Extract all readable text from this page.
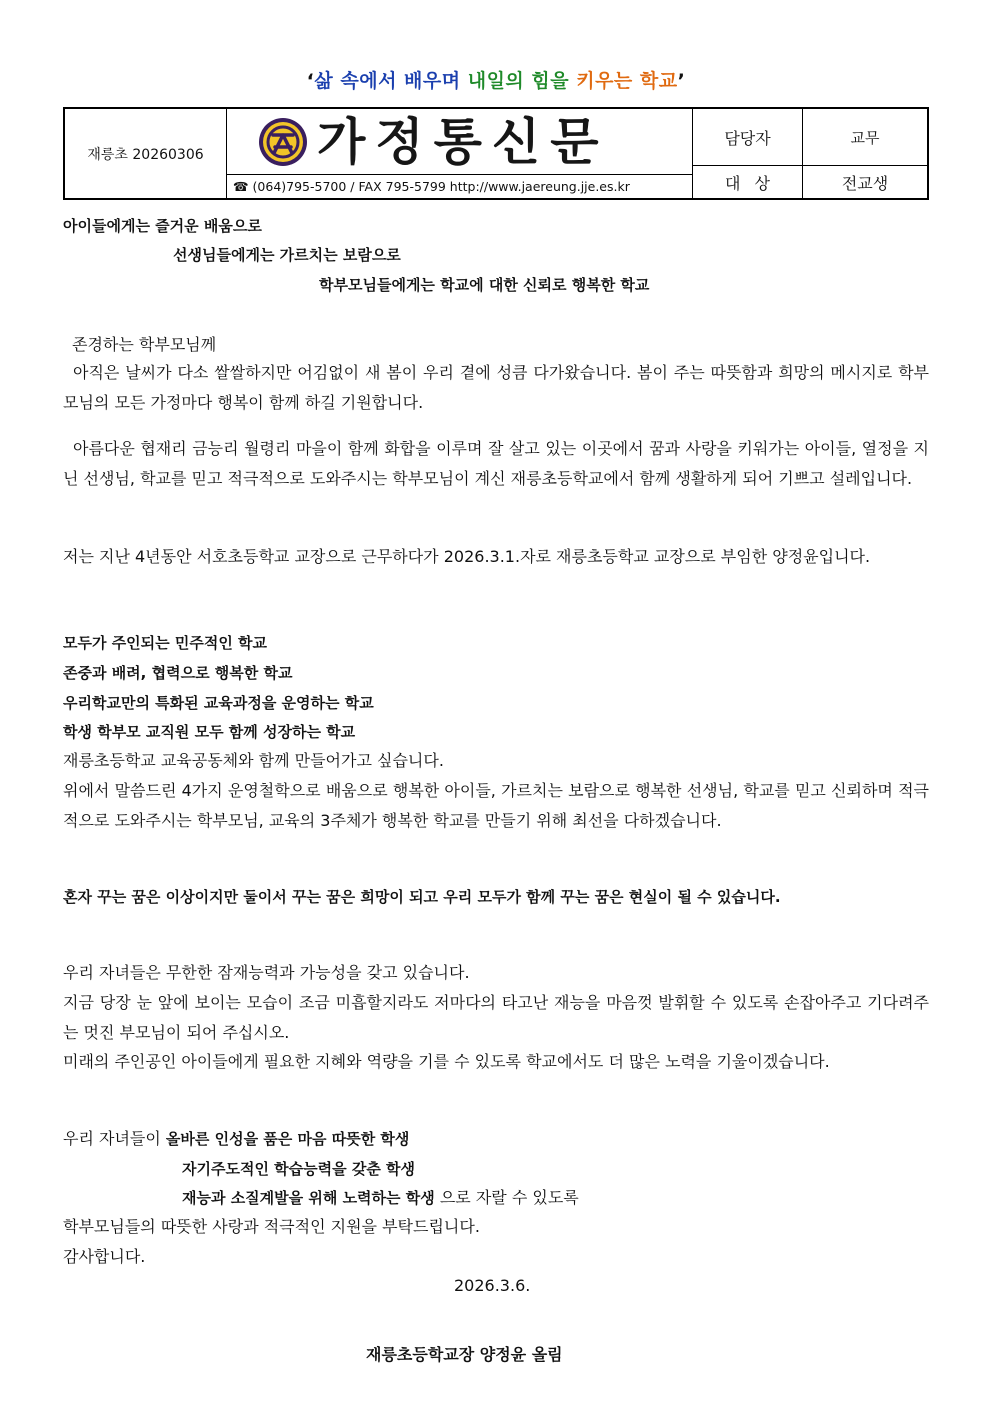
‘삶 속에서 배우며 내일의 힘을 키우는 학교’
재릉초 20260306	가정통신문
☎ (064)795-5700 / FAX 795-5799 http://www.jaereung.jje.es.kr
담당자	교무
대상	전교생
아이들에게는 즐거운 배움으로
선생님들에게는 가르치는 보람으로
학부모님들에게는 학교에 대한 신뢰로 행복한 학교
존경하는 학부모님께

아직은 날씨가 다소 쌀쌀하지만 어김없이 새 봄이 우리 곁에 성큼 다가왔습니다. 봄이 주는 따뜻함과 희망의 메시지로 학부모님의 모든 가정마다 행복이 함께 하길 기원합니다.

아름다운 협재리 금능리 월령리 마을이 함께 화합을 이루며 잘 살고 있는 이곳에서 꿈과 사랑을 키워가는 아이들, 열정을 지닌 선생님, 학교를 믿고 적극적으로 도와주시는 학부모님이 계신 재릉초등학교에서 함께 생활하게 되어 기쁘고 설레입니다.

저는 지난 4년동안 서호초등학교 교장으로 근무하다가 2026.3.1.자로 재릉초등학교 교장으로 부임한 양정윤입니다.

모두가 주인되는 민주적인 학교
존중과 배려, 협력으로 행복한 학교
우리학교만의 특화된 교육과정을 운영하는 학교
학생 학부모 교직원 모두 함께 성장하는 학교
재릉초등학교 교육공동체와 함께 만들어가고 싶습니다.

위에서 말씀드린 4가지 운영철학으로 배움으로 행복한 아이들, 가르치는 보람으로 행복한 선생님, 학교를 믿고 신뢰하며 적극적으로 도와주시는 학부모님, 교육의 3주체가 행복한 학교를 만들기 위해 최선을 다하겠습니다.

혼자 꾸는 꿈은 이상이지만 둘이서 꾸는 꿈은 희망이 되고 우리 모두가 함께 꾸는 꿈은 현실이 될 수 있습니다.

우리 자녀들은 무한한 잠재능력과 가능성을 갖고 있습니다.

지금 당장 눈 앞에 보이는 모습이 조금 미흡할지라도 저마다의 타고난 재능을 마음껏 발휘할 수 있도록 손잡아주고 기다려주는 멋진 부모님이 되어 주십시오.

미래의 주인공인 아이들에게 필요한 지혜와 역량을 기를 수 있도록 학교에서도 더 많은 노력을 기울이겠습니다.

우리 자녀들이 올바른 인성을 품은 마음 따뜻한 학생
자기주도적인 학습능력을 갖춘 학생
재능과 소질계발을 위해 노력하는 학생 으로 자랄 수 있도록
학부모님들의 따뜻한 사랑과 적극적인 지원을 부탁드립니다.
감사합니다.
2026.3.6.
재릉초등학교장 양정윤 올림
